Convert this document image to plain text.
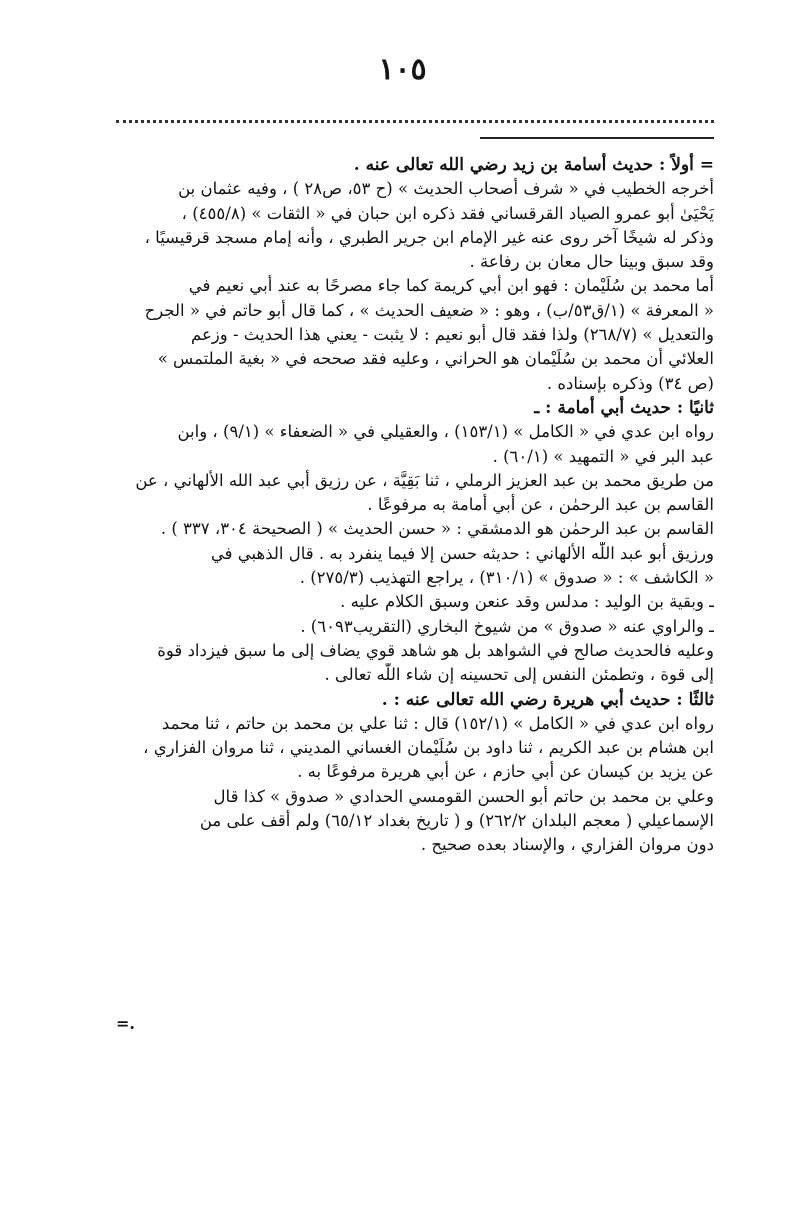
١٠٥
= أولاً : حديث أسامة بن زيد رضي الله تعالى عنه .
أخرجه الخطيب في « شرف أصحاب الحديث » (ح ٥٣، ص٢٨ ) ، وفيه عثمان بن
يَحْيَىٰ أبو عمرو الصياد القرقساني فقد ذكره ابن حبان في « الثقات » (٤٥٥/٨) ،
وذكر له شيخًا آخر روى عنه غير الإمام ابن جرير الطبري ، وأنه إمام مسجد قرقيسيًا ،
وقد سبق وبينا حال معان بن رفاعة .
أما محمد بن سُلَيْمان : فهو ابن أبي كريمة كما جاء مصرحًا به عند أبي نعيم في
« المعرفة » (١/ق٥٣/ب) ، وهو : « ضعيف الحديث » ، كما قال أبو حاتم في « الجرح
والتعديل » (٢٦٨/٧) ولذا فقد قال أبو نعيم : لا يثبت - يعني هذا الحديث - وزعم
العلائي أن محمد بن سُلَيْمان هو الحراني ، وعليه فقد صححه في « بغية الملتمس »
(ص ٣٤) وذكره بإسناده .
ثانيًا : حديث أبي أمامة : ـ
رواه ابن عدي في « الكامل » (١٥٣/١) ، والعقيلي في « الضعفاء » (٩/١) ، وابن
عبد البر في « التمهيد » (٦٠/١) .
من طريق محمد بن عبد العزيز الرملي ، ثنا بَقِيَّة ، عن رزيق أبي عبد الله الألهاني ، عن
القاسم بن عبد الرحمٰن ، عن أبي أمامة به مرفوعًا .
القاسم بن عبد الرحمٰن هو الدمشقي : « حسن الحديث » ( الصحيحة ٣٠٤، ٣٣٧ ) .
ورزيق أبو عبد اللّٰه الألهاني : حديثه حسن إلا فيما ينفرد به . قال الذهبي في
« الكاشف » : « صدوق » (٣١٠/١) ، يراجع التهذيب (٢٧٥/٣) .
ـ وبقية بن الوليد : مدلس وقد عنعن وسبق الكلام عليه .
ـ والراوي عنه « صدوق » من شيوخ البخاري (التقريب٦٠٩٣) .
وعليه فالحديث صالح في الشواهد بل هو شاهد قوي يضاف إلى ما سبق فيزداد قوة
إلى قوة ، وتطمئن النفس إلى تحسينه إن شاء اللّٰه تعالى .
ثالثًا : حديث أبي هريرة رضي الله تعالى عنه : .
رواه ابن عدي في « الكامل » (١٥٢/١) قال : ثنا علي بن محمد بن حاتم ، ثنا محمد
ابن هشام بن عبد الكريم ، ثنا داود بن سُلَيْمان الغساني المديني ، ثنا مروان الفزاري ،
عن يزيد بن كيسان عن أبي حازم ، عن أبي هريرة مرفوعًا به .
وعلي بن محمد بن حاتم أبو الحسن القومسي الحدادي « صدوق » كذا قال
الإسماعيلي ( معجم البلدان ٢٦٢/٢) و ( تاريخ بغداد ٦٥/١٢) ولم أقف على من
دون مروان الفزاري ، والإسناد بعده صحيح .
=.
